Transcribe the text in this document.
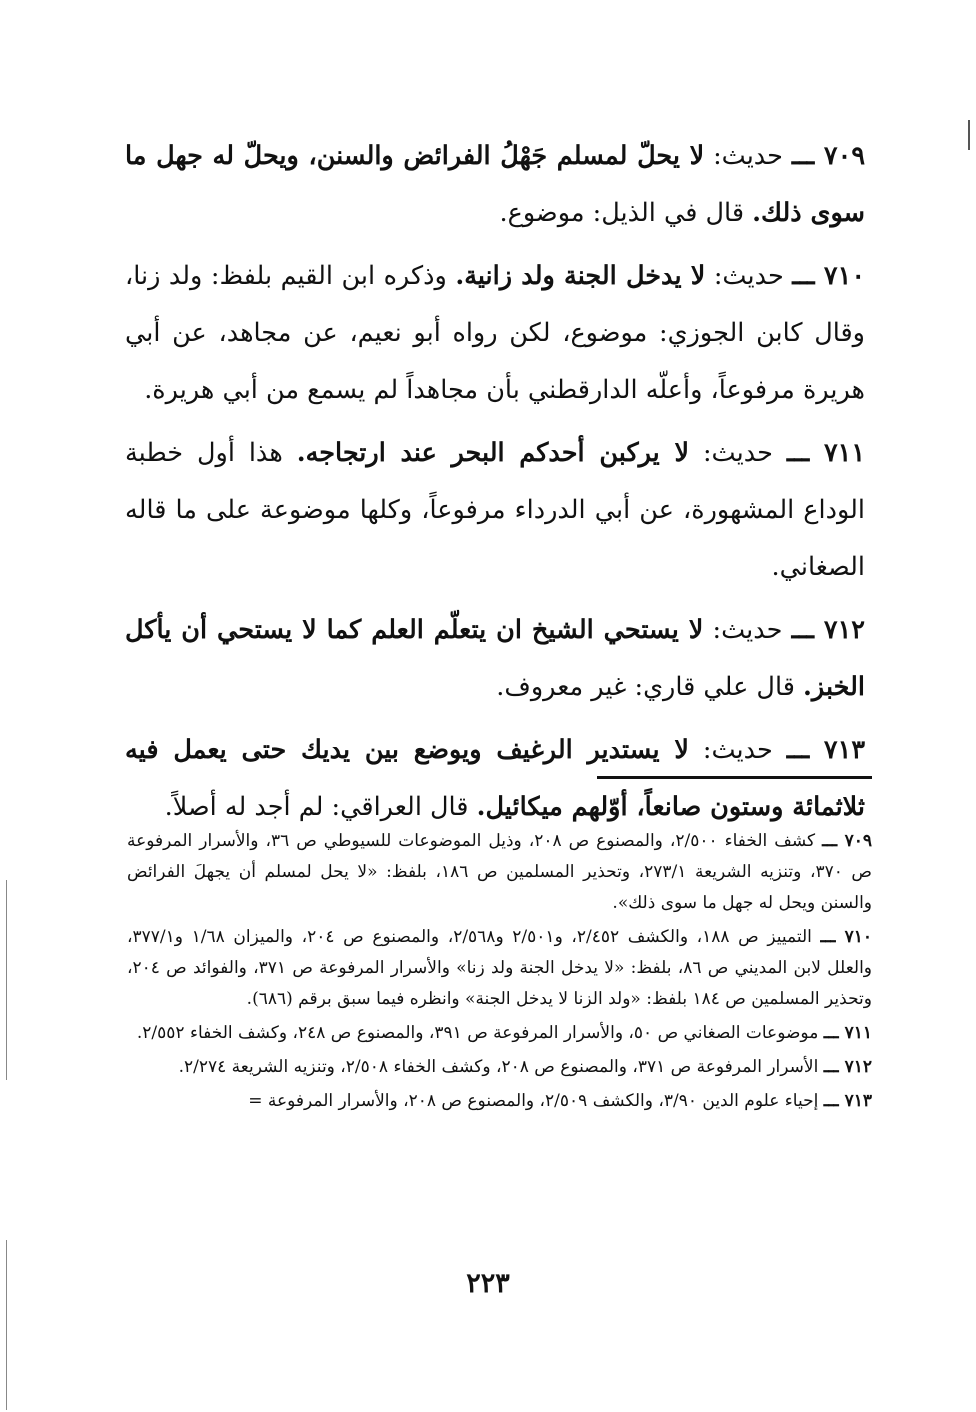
٧٠٩ ـــ حديث: لا يحلّ لمسلم جَهْلُ الفرائض والسنن، ويحلّ له جهل ما سوى ذلك. قال في الذيل: موضوع.

٧١٠ ـــ حديث: لا يدخل الجنة ولد زانية. وذكره ابن القيم بلفظ: ولد زنا، وقال كابن الجوزي: موضوع، لكن رواه أبو نعيم، عن مجاهد، عن أبي هريرة مرفوعاً، وأعلّه الدارقطني بأن مجاهداً لم يسمع من أبي هريرة.

٧١١ ـــ حديث: لا يركبن أحدكم البحر عند ارتجاجه. هذا أول خطبة الوداع المشهورة، عن أبي الدرداء مرفوعاً، وكلها موضوعة على ما قاله الصغاني.

٧١٢ ـــ حديث: لا يستحي الشيخ ان يتعلّم العلم كما لا يستحي أن يأكل الخبز. قال علي قاري: غير معروف.

٧١٣ ـــ حديث: لا يستدير الرغيف ويوضع بين يديك حتى يعمل فيه ثلاثمائة وستون صانعاً، أوّلهم ميكائيل. قال العراقي: لم أجد له أصلاً.

٧٠٩ ـــ كشف الخفاء ٢/٥٠٠، والمصنوع ص ٢٠٨، وذيل الموضوعات للسيوطي ص ٣٦، والأسرار المرفوعة ص ٣٧٠، وتنزيه الشريعة ٢٧٣/١، وتحذير المسلمين ص ١٨٦، بلفظ: «لا يحل لمسلم أن يجهلَ الفرائض والسنن ويحل له جهل ما سوى ذلك».

٧١٠ ـــ التمييز ص ١٨٨، والكشف ٢/٤٥٢، و٢/٥٠١ و٢/٥٦٨، والمصنوع ص ٢٠٤، والميزان ١/٦٨ و٣٧٧/١، والعلل لابن المديني ص ٨٦، بلفظ: «لا يدخل الجنة ولد زنا» والأسرار المرفوعة ص ٣٧١، والفوائد ص ٢٠٤، وتحذير المسلمين ص ١٨٤ بلفظ: «ولد الزنا لا يدخل الجنة» وانظره فيما سبق برقم (٦٨٦).

٧١١ ـــ موضوعات الصغاني ص ٥٠، والأسرار المرفوعة ص ٣٩١، والمصنوع ص ٢٤٨، وكشف الخفاء ٢/٥٥٢.

٧١٢ ـــ الأسرار المرفوعة ص ٣٧١، والمصنوع ص ٢٠٨، وكشف الخفاء ٢/٥٠٨، وتنزيه الشريعة ٢/٢٧٤.

٧١٣ ـــ إحياء علوم الدين ٣/٩٠، والكشف ٢/٥٠٩، والمصنوع ص ٢٠٨، والأسرار المرفوعة =

٢٢٣
